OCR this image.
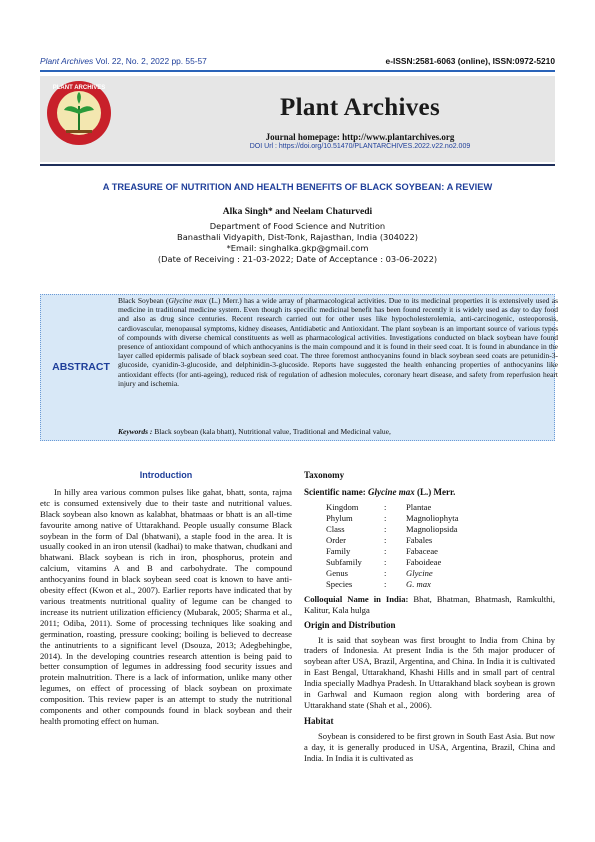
Plant Archives Vol. 22, No. 2, 2022 pp. 55-57	e-ISSN:2581-6063 (online), ISSN:0972-5210
PLANT ARCHIVES
Plant Archives
Journal homepage: http://www.plantarchives.org
DOI Url : https://doi.org/10.51470/PLANTARCHIVES.2022.v22.no2.009
A TREASURE OF NUTRITION AND HEALTH BENEFITS OF BLACK SOYBEAN: A REVIEW
Alka Singh* and Neelam Chaturvedi
Department of Food Science and Nutrition
Banasthali Vidyapith, Dist-Tonk, Rajasthan, India (304022)
*Email: singhalka.gkp@gmail.com
(Date of Receiving : 21-03-2022; Date of Acceptance : 03-06-2022)
ABSTRACT
Black Soybean (Glycine max (L.) Merr.) has a wide array of pharmacological activities. Due to its medicinal properties it is extensively used as medicine in traditional medicine system. Even though its specific medicinal benefit has been found recently it is widely used as day to day food and also as drug since centuries. Recent research carried out for other uses like hypocholesterolemia, anti-carcinogenic, osteoporosis, cardiovascular, menopausal symptoms, kidney diseases, Antidiabetic and Antioxidant. The plant soybean is an important source of various types of compounds with diverse chemical constituents as well as pharmacological activities. Investigations conducted on black soybean have found presence of antioxidant compound of which anthocyanins is the main compound and it is found in their seed coat. It is found in abundance in the layer called epidermis palisade of black soybean seed coat. The three foremost anthocyanins found in black soybean seed coats are petunidin-3-glucoside, cyanidin-3-glucoside, and delphinidin-3-glucoside. Reports have suggested the health enhancing properties of anthocyanins like antioxidant effects (for anti-ageing), reduced risk of regulation of adhesion molecules, coronary heart disease, and safety from reperfusion heart injury and ischemia.
Keywords : Black soybean (kala bhatt), Nutritional value, Traditional and Medicinal value,
Introduction

In hilly area various common pulses like gahat, bhatt, sonta, rajma etc is consumed extensively due to their taste and nutritional values. Black soybean also known as kalabhat, bhatmaas or bhatt is an all-time favourite among native of Uttarakhand. People usually consume Black soybean in the form of Dal (bhatwani), a staple food in the area. It is usually cooked in an iron utensil (kadhai) to make thatwan, chudkani and bhatwani. Black soybean is rich in iron, phosphorus, protein and calcium, vitamins A and B and carbohydrate. The compound anthocyanins found in black soybean seed coat is known to have anti-obesity effect (Kwon et al., 2007). Earlier reports have indicated that by various treatments nutritional quality of legume can be changed to increase its nutrient utilization efficiency (Mubarak, 2005; Sharma et al., 2011; Odiba, 2011). Some of processing techniques like soaking and germination, roasting, pressure cooking; boiling is believed to decrease the antinutrients to a significant level (Dsouza, 2013; Adegbehingbe, 2014). In the developing countries research attention is being paid to better consumption of legumes in addressing food security issues and protein malnutrition. There is a lack of information, unlike many other legumes, on effect of processing of black soybean on proximate composition. This review paper is an attempt to study the nutritional components and other compounds found in black soybean and their health promoting effect on human.

Taxonomy
Scientific name: Glycine max (L.) Merr.
Kingdom	:	Plantae
Phylum	:	Magnoliophyta
Class	:	Magnoliopsida
Order	:	Fabales
Family	:	Fabaceae
Subfamily	:	Faboideae
Genus	:	Glycine
Species	:	G. max
Colloquial Name in India: Bhat, Bhatman, Bhatmash, Ramkulthi, Kalitur, Kala hulga
Origin and Distribution

It is said that soybean was first brought to India from China by traders of Indonesia. At present India is the 5th major producer of soybean after USA, Brazil, Argentina, and China. In India it is cultivated in East Bengal, Uttarakhand, Khashi Hills and in small part of central India specially Madhya Pradesh. In Uttarakhand black soybean is grown in Garhwal and Kumaon region along with bordering area of Uttarakhand state (Shah et al., 2006).

Habitat

Soybean is considered to be first grown in South East Asia. But now a day, it is generally produced in USA, Argentina, Brazil, China and India. In India it is cultivated as
